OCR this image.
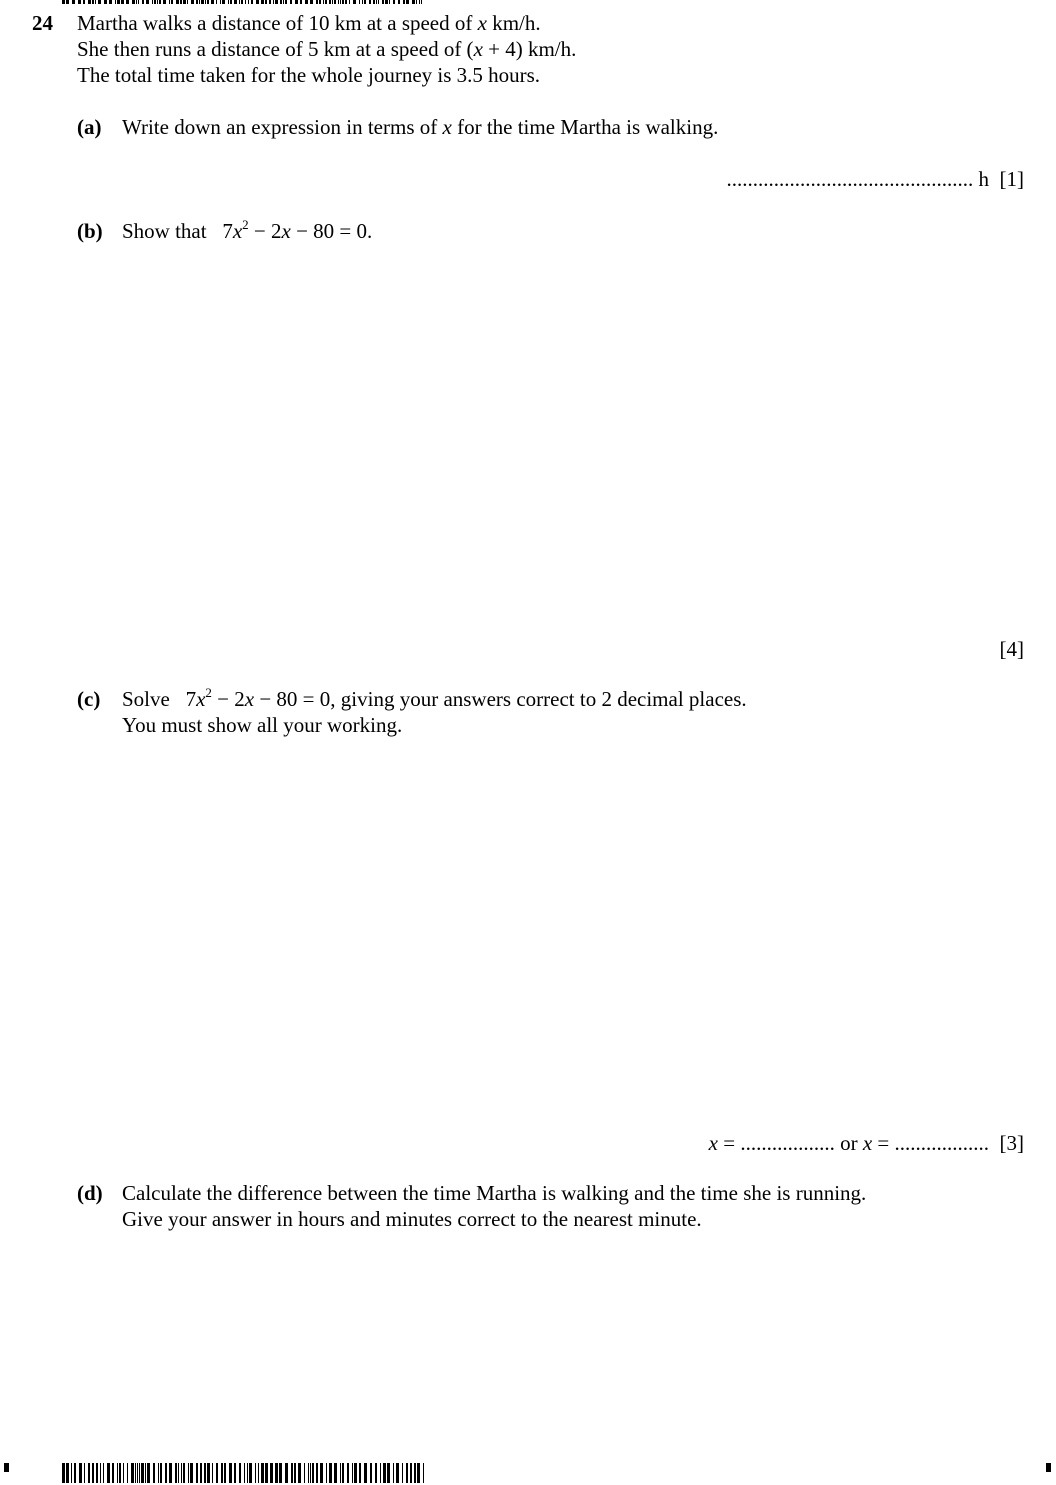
24 Martha walks a distance of 10 km at a speed of x km/h.
She then runs a distance of 5 km at a speed of (x + 4) km/h.
The total time taken for the whole journey is 3.5 hours.
(a) Write down an expression in terms of x for the time Martha is walking.
............................................... h [1]
(b) Show that $7x^2 - 2x - 80 = 0$.
[4]
(c) Solve $7x^2 - 2x - 80 = 0$, giving your answers correct to 2 decimal places.
You must show all your working.
x = .................. or x = .................. [3]
(d) Calculate the difference between the time Martha is walking and the time she is running.
Give your answer in hours and minutes correct to the nearest minute.
